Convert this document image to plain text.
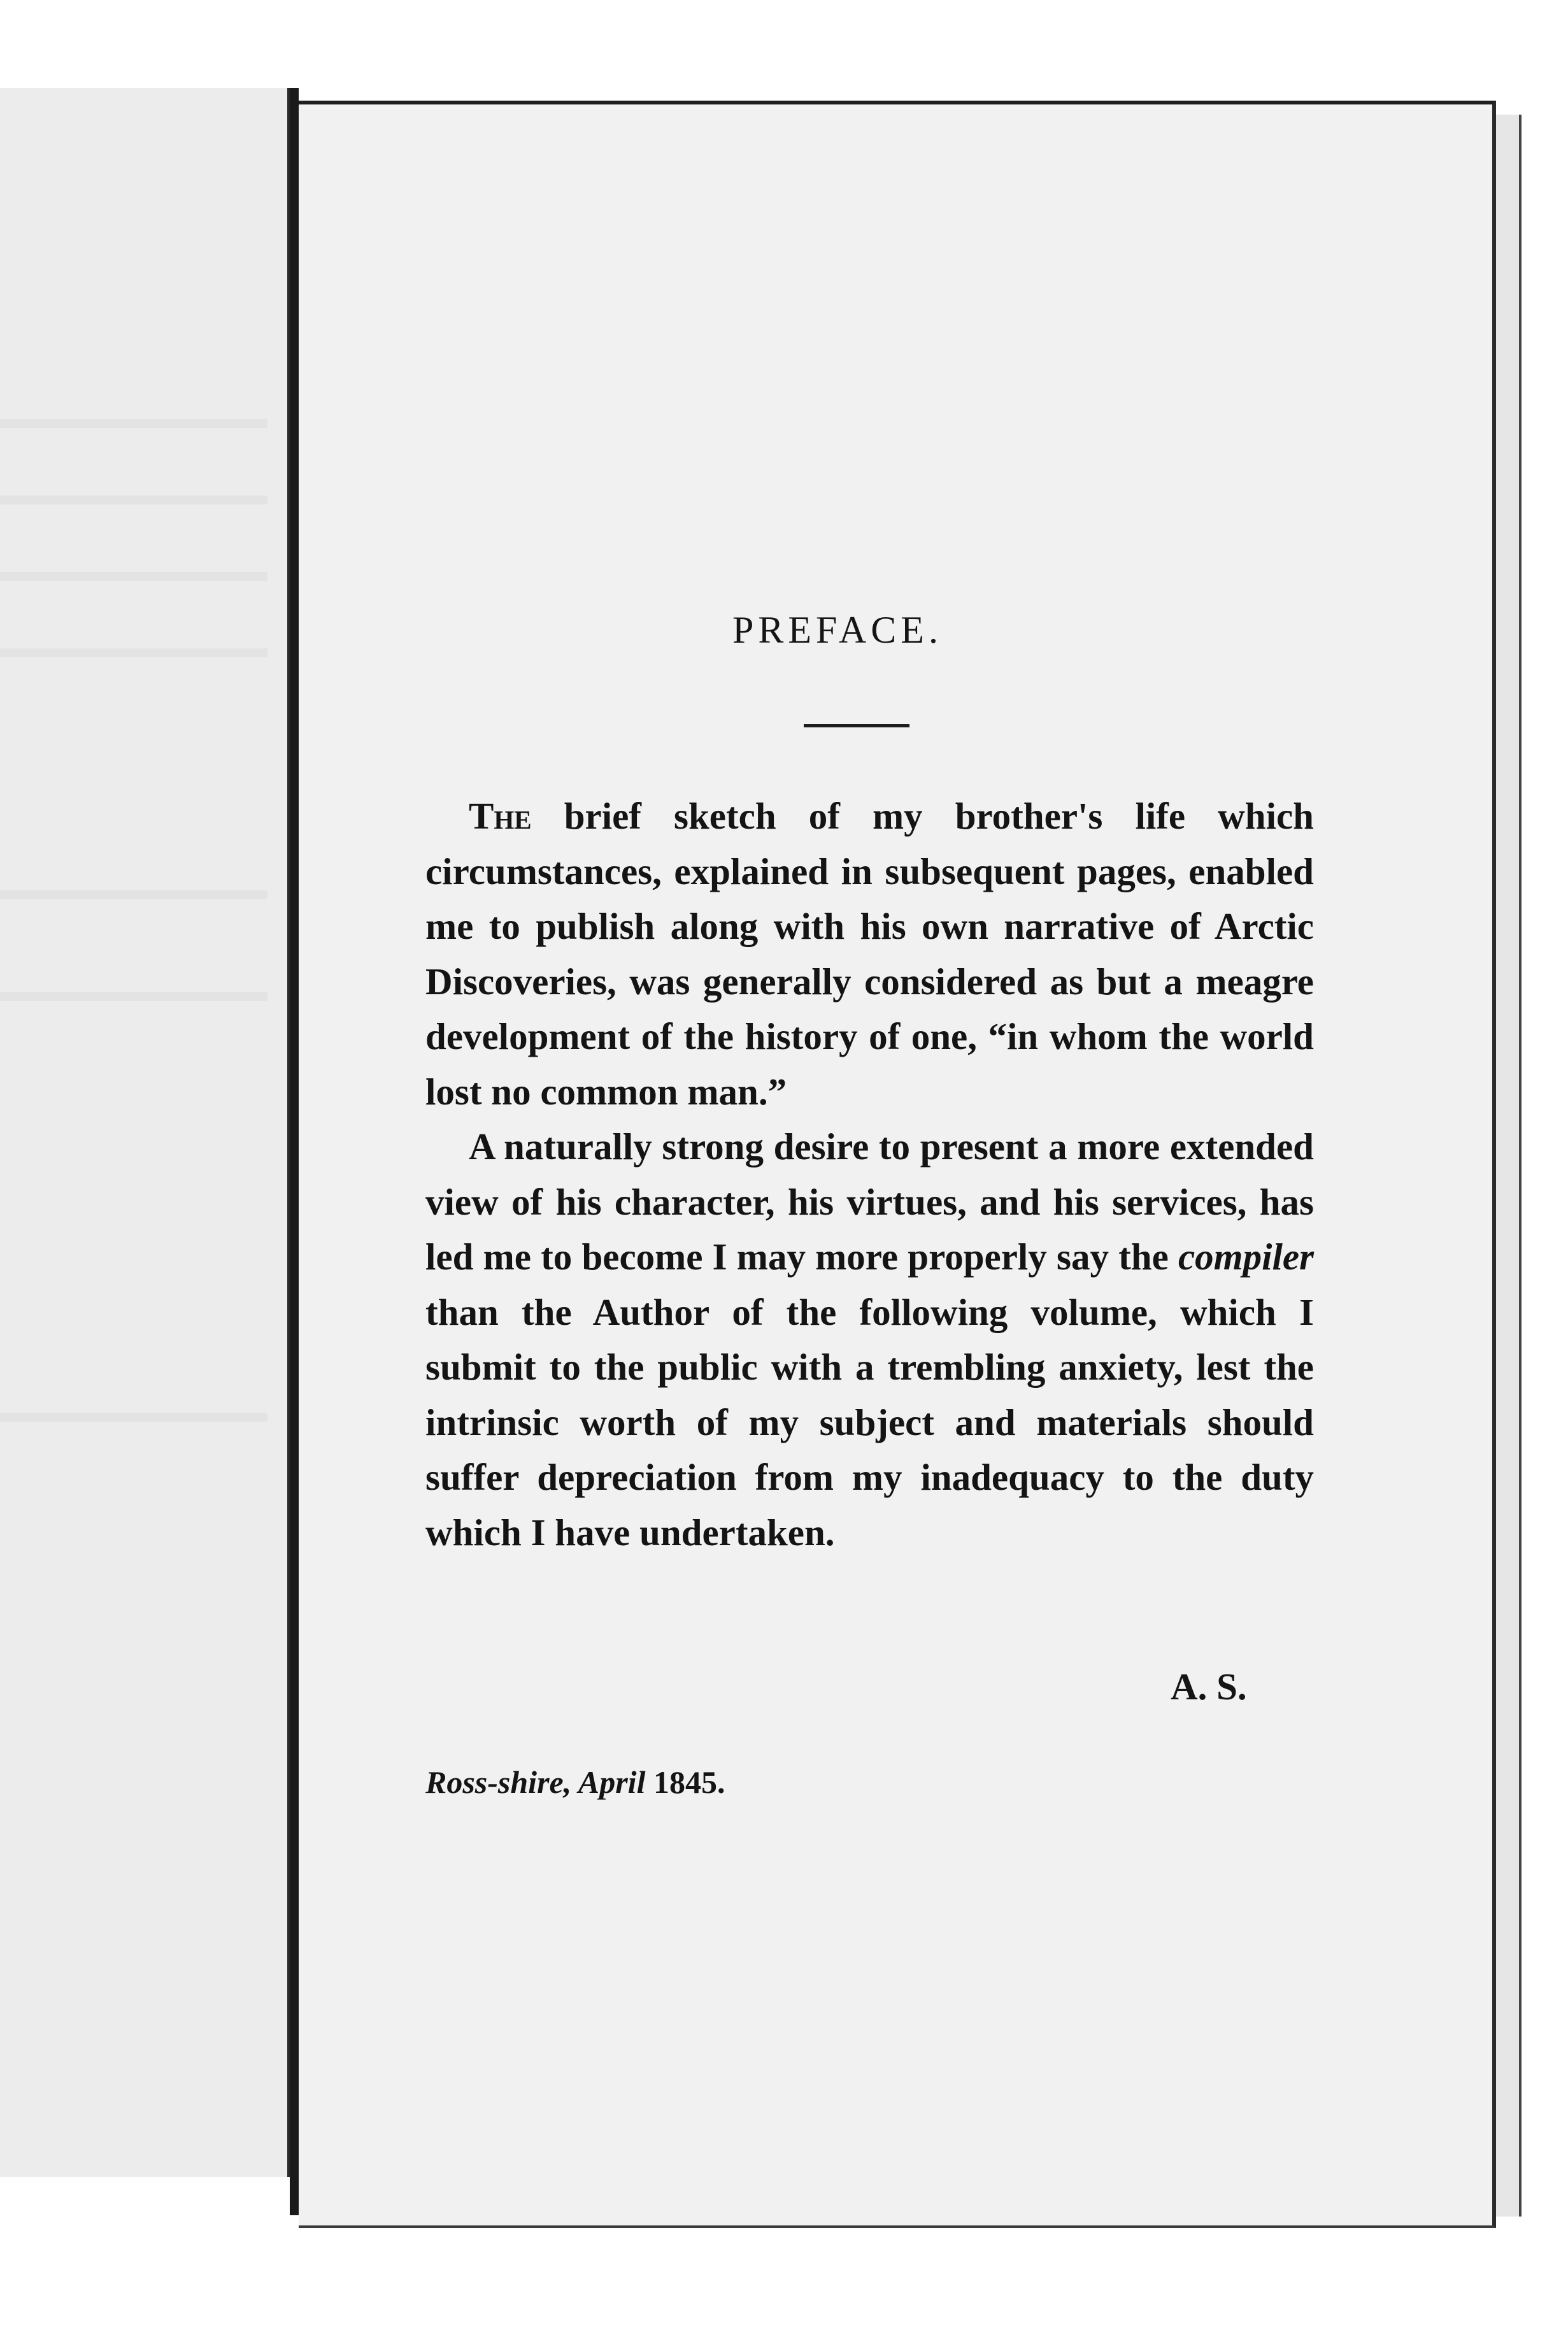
PREFACE.

The brief sketch of my brother's life which circumstances, explained in subsequent pages, enabled me to publish along with his own narrative of Arctic Discoveries, was generally considered as but a meagre development of the history of one, “in whom the world lost no common man.”

A naturally strong desire to present a more extended view of his character, his virtues, and his services, has led me to become I may more properly say the compiler than the Author of the following volume, which I submit to the public with a trembling anxiety, lest the intrinsic worth of my subject and materials should suffer depreciation from my inadequacy to the duty which I have undertaken.

A. S.
Ross-shire, April 1845.
